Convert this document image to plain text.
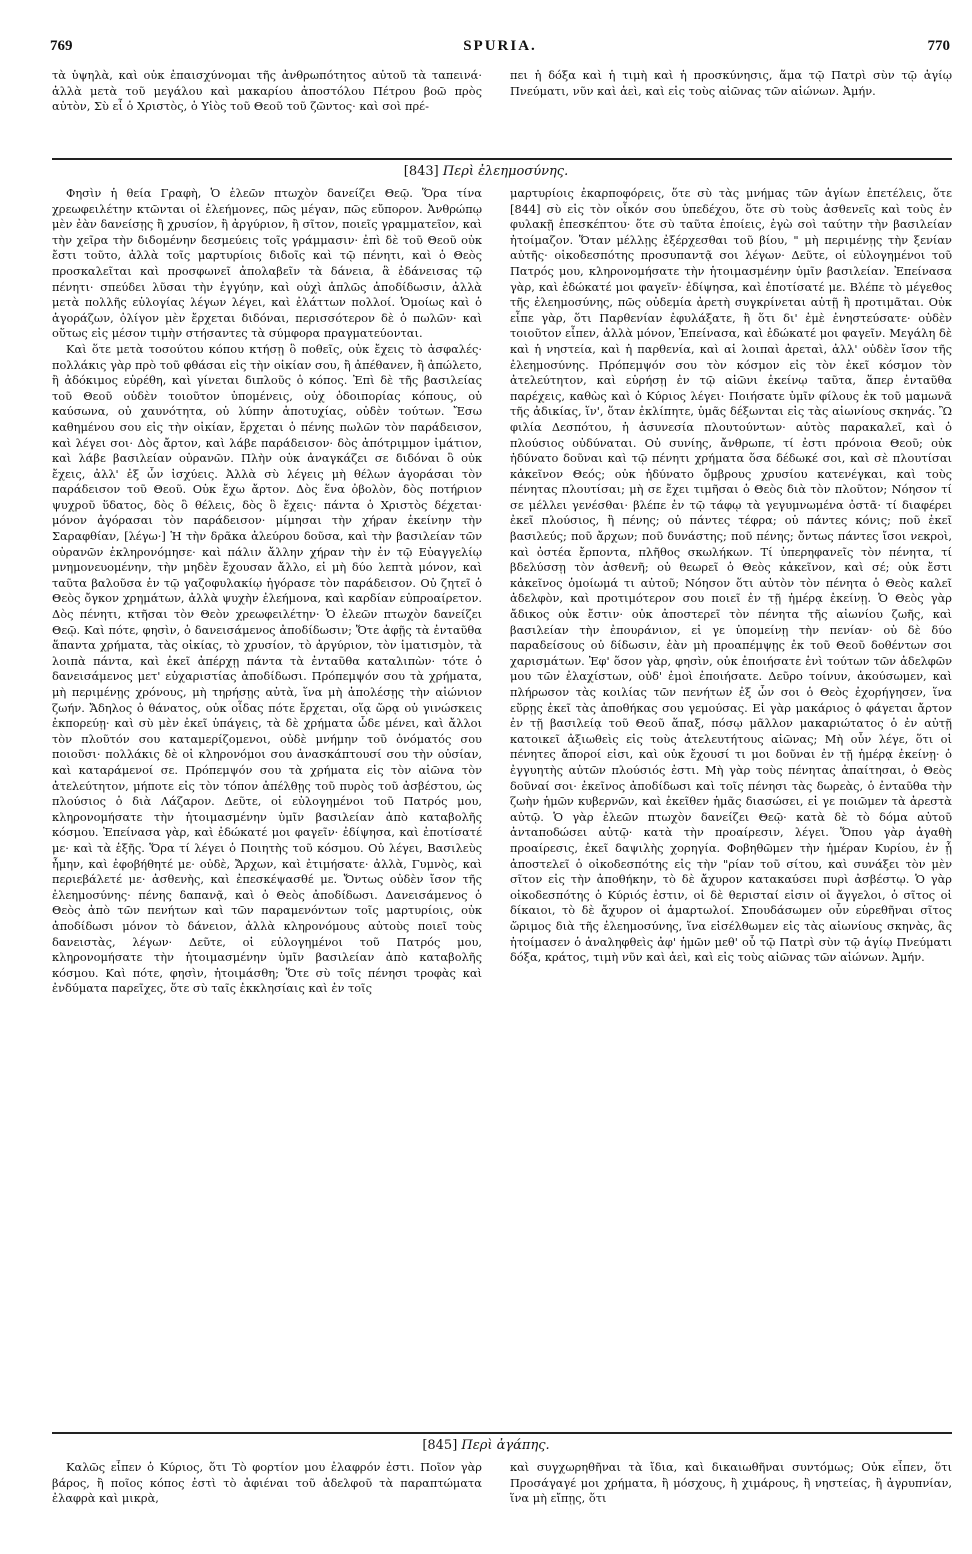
769	SPURIA.	770

τὰ ὑψηλὰ, καὶ οὐκ ἐπαισχύνομαι τῆς ἀνθρωπότητος αὐτοῦ τὰ ταπεινά· ἀλλὰ μετὰ τοῦ μεγάλου καὶ μακαρίου ἀποστόλου Πέτρου βοῶ πρὸς αὐτὸν, Σὺ εἶ ὁ Χριστὸς, ὁ Υἱὸς τοῦ Θεοῦ τοῦ ζῶντος· καὶ σοὶ πρέ-

πει ἡ δόξα καὶ ἡ τιμὴ καὶ ἡ προσκύνησις, ἅμα τῷ Πατρὶ σὺν τῷ ἁγίῳ Πνεύματι, νῦν καὶ ἀεὶ, καὶ εἰς τοὺς αἰῶνας τῶν αἰώνων. Ἀμήν.

[843] Περὶ ἐλεημοσύνης.

Φησὶν ἡ θεία Γραφὴ, Ὁ ἐλεῶν πτωχὸν δανείζει Θεῷ. Ὅρα τίνα χρεωφειλέτην κτῶνται οἱ ἐλεήμονες, πῶς μέγαν, πῶς εὔπορον. Ἀνθρώπῳ μὲν ἐὰν δανείσῃς ἢ χρυσίον, ἢ ἀργύριον, ἢ σῖτον, ποιεῖς γραμματεῖον, καὶ τὴν χεῖρα τὴν διδομένην δεσμεύεις τοῖς γράμμασιν· ἐπὶ δὲ τοῦ Θεοῦ οὐκ ἔστι τοῦτο, ἀλλὰ τοῖς μαρτυρίοις διδοῖς καὶ τῷ πένητι, καὶ ὁ Θεὸς προσκαλεῖται καὶ προσφωνεῖ ἀπολαβεῖν τὰ δάνεια, ἃ ἐδάνεισας τῷ πένητι· σπεύδει λῦσαι τὴν ἐγγύην, καὶ οὐχὶ ἁπλῶς ἀποδίδωσιν, ἀλλὰ μετὰ πολλῆς εὐλογίας λέγων λέγει, καὶ ἐλάττων πολλοί. Ὁμοίως καὶ ὁ ἀγοράζων, ὀλίγον μὲν ἔρχεται διδόναι, περισσότερον δὲ ὁ πωλῶν· καὶ οὕτως εἰς μέσον τιμὴν στήσαντες τὰ σύμφορα πραγματεύονται.

Καὶ ὅτε μετὰ τοσούτου κόπου κτήσῃ ὃ ποθεῖς, οὐκ ἔχεις τὸ ἀσφαλές· πολλάκις γὰρ πρὸ τοῦ φθάσαι εἰς τὴν οἰκίαν σου, ἢ ἀπέθανεν, ἢ ἀπώλετο, ἢ ἀδόκιμος εὑρέθη, καὶ γίνεται διπλοῦς ὁ κόπος. Ἐπὶ δὲ τῆς βασιλείας τοῦ Θεοῦ οὐδὲν τοιοῦτον ὑπομένεις, οὐχ ὁδοιπορίας κόπους, οὐ καύσωνα, οὐ χαυνότητα, οὐ λύπην ἀποτυχίας, οὐδὲν τούτων. Ἔσω καθημένου σου εἰς τὴν οἰκίαν, ἔρχεται ὁ πένης πωλῶν τὸν παράδεισον, καὶ λέγει σοι· Δὸς ἄρτον, καὶ λάβε παράδεισον· δὸς ἀπότριμμον ἱμάτιον, καὶ λάβε βασιλείαν οὐρανῶν. Πλὴν οὐκ ἀναγκάζει σε διδόναι ὃ οὐκ ἔχεις, ἀλλ' ἐξ ὧν ἰσχύεις. Ἀλλὰ σὺ λέγεις μὴ θέλων ἀγοράσαι τὸν παράδεισον τοῦ Θεοῦ. Οὐκ ἔχω ἄρτον. Δὸς ἕνα ὀβολὸν, δὸς ποτήριον ψυχροῦ ὕδατος, δὸς ὃ θέλεις, δὸς ὃ ἔχεις· πάντα ὁ Χριστὸς δέχεται· μόνον ἀγόρασαι τὸν παράδεισον· μίμησαι τὴν χήραν ἐκείνην τὴν Σαραφθίαν, [λέγω·] Ἡ τὴν δρᾶκα ἀλεύρου δοῦσα, καὶ τὴν βασιλείαν τῶν οὐρανῶν ἐκληρονόμησε· καὶ πάλιν ἄλλην χήραν τὴν ἐν τῷ Εὐαγγελίῳ μνημονευομένην, τὴν μηδὲν ἔχουσαν ἄλλο, εἰ μὴ δύο λεπτὰ μόνον, καὶ ταῦτα βαλοῦσα ἐν τῷ γαζοφυλακίῳ ἠγόρασε τὸν παράδεισον. Οὐ ζητεῖ ὁ Θεὸς ὄγκον χρημάτων, ἀλλὰ ψυχὴν ἐλεήμονα, καὶ καρδίαν εὐπροαίρετον. Δὸς πένητι, κτῆσαι τὸν Θεὸν χρεωφειλέτην· Ὁ ἐλεῶν πτωχὸν δανείζει Θεῷ. Καὶ πότε, φησὶν, ὁ δανεισάμενος ἀποδίδωσιν; Ὅτε ἀφῇς τὰ ἐνταῦθα ἅπαντα χρήματα, τὰς οἰκίας, τὸ χρυσίον, τὸ ἀργύριον, τὸν ἱματισμὸν, τὰ λοιπὰ πάντα, καὶ ἐκεῖ ἀπέρχῃ πάντα τὰ ἐνταῦθα καταλιπὼν· τότε ὁ δανεισάμενος μετ' εὐχαριστίας ἀποδίδωσι. Πρόπεμψόν σου τὰ χρήματα, μὴ περιμένῃς χρόνους, μὴ τηρήσῃς αὐτὰ, ἵνα μὴ ἀπολέσῃς τὴν αἰώνιον ζωήν. Ἄδηλος ὁ θάνατος, οὐκ οἶδας πότε ἔρχεται, οἵᾳ ὥρᾳ οὐ γινώσκεις ἐκπορεύῃ· καὶ σὺ μὲν ἐκεῖ ὑπάγεις, τὰ δὲ χρήματα ὧδε μένει, καὶ ἄλλοι τὸν πλοῦτόν σου καταμερίζομενοι, οὐδὲ μνήμην τοῦ ὀνόματός σου ποιοῦσι· πολλάκις δὲ οἱ κληρονόμοι σου ἀνασκάπτουσί σου τὴν οὐσίαν, καὶ καταράμενοί σε. Πρόπεμψόν σου τὰ χρήματα εἰς τὸν αἰῶνα τὸν ἀτελεύτητον, μήποτε εἰς τὸν τόπον ἀπέλθῃς τοῦ πυρὸς τοῦ ἀσβέστου, ὡς πλούσιος ὁ διὰ Λάζαρον. Δεῦτε, οἱ εὐλογημένοι τοῦ Πατρός μου, κληρονομήσατε τὴν ἡτοιμασμένην ὑμῖν βασιλείαν ἀπὸ καταβολῆς κόσμου. Ἐπείνασα γὰρ, καὶ ἐδώκατέ μοι φαγεῖν· ἐδίψησα, καὶ ἐποτίσατέ με· καὶ τὰ ἑξῆς. Ὅρα τί λέγει ὁ Ποιητὴς τοῦ κόσμου. Οὐ λέγει, Βασιλεὺς ἦμην, καὶ ἐφοβήθητέ με· οὐδὲ, Ἄρχων, καὶ ἐτιμήσατε· ἀλλὰ, Γυμνὸς, καὶ περιεβάλετέ με· ἀσθενὴς, καὶ ἐπεσκέψασθέ με. Ὄντως οὐδὲν ἴσον τῆς ἐλεημοσύνης· πένης δαπανᾷ, καὶ ὁ Θεὸς ἀποδίδωσι. Δανεισάμενος ὁ Θεὸς ἀπὸ τῶν πενήτων καὶ τῶν παραμενόντων τοῖς μαρτυρίοις, οὐκ ἀποδίδωσι μόνον τὸ δάνειον, ἀλλὰ κληρονόμους αὐτοὺς ποιεῖ τοὺς δανειστὰς, λέγων· Δεῦτε, οἱ εὐλογημένοι τοῦ Πατρός μου, κληρονομήσατε τὴν ἡτοιμασμένην ὑμῖν βασιλείαν ἀπὸ καταβολῆς κόσμου. Καὶ πότε, φησὶν, ἡτοιμάσθη; Ὅτε σὺ τοῖς πένησι τροφὰς καὶ ἐνδύματα παρεῖχες, ὅτε σὺ ταῖς ἐκκλησίαις καὶ ἐν τοῖς

μαρτυρίοις ἐκαρποφόρεις, ὅτε σὺ τὰς μνήμας τῶν ἁγίων ἐπετέλεις, ὅτε [844] σὺ εἰς τὸν οἶκόν σου ὑπεδέχου, ὅτε σὺ τοὺς ἀσθενεῖς καὶ τοὺς ἐν φυλακῇ ἐπεσκέπτου· ὅτε σὺ ταῦτα ἐποίεις, ἐγὼ σοὶ ταύτην τὴν βασιλείαν ἡτοίμαζον. Ὅταν μέλλῃς ἐξέρχεσθαι τοῦ βίου, " μὴ περιμένῃς τὴν ξενίαν αὐτῆς· οἰκοδεσπότης προσυπαντᾷ σοι λέγων· Δεῦτε, οἱ εὐλογημένοι τοῦ Πατρός μου, κληρονομήσατε τὴν ἡτοιμασμένην ὑμῖν βασιλείαν. Ἐπείνασα γὰρ, καὶ ἐδώκατέ μοι φαγεῖν· ἐδίψησα, καὶ ἐποτίσατέ με. Βλέπε τὸ μέγεθος τῆς ἐλεημοσύνης, πῶς οὐδεμία ἀρετὴ συγκρίνεται αὐτῇ ἢ προτιμᾶται. Οὐκ εἶπε γὰρ, ὅτι Παρθενίαν ἐφυλάξατε, ἢ ὅτι δι' ἐμὲ ἐνηστεύσατε· οὐδὲν τοιοῦτον εἶπεν, ἀλλὰ μόνον, Ἐπείνασα, καὶ ἐδώκατέ μοι φαγεῖν. Μεγάλη δὲ καὶ ἡ νηστεία, καὶ ἡ παρθενία, καὶ αἱ λοιπαὶ ἀρεταὶ, ἀλλ' οὐδὲν ἴσον τῆς ἐλεημοσύνης. Πρόπεμψόν σου τὸν κόσμον εἰς τὸν ἐκεῖ κόσμον τὸν ἀτελεύτητον, καὶ εὑρήσῃ ἐν τῷ αἰῶνι ἐκείνῳ ταῦτα, ἅπερ ἐνταῦθα παρέχεις, καθὼς καὶ ὁ Κύριος λέγει· Ποιήσατε ὑμῖν φίλους ἐκ τοῦ μαμωνᾶ τῆς ἀδικίας, ἵν', ὅταν ἐκλίπητε, ὑμᾶς δέξωνται εἰς τὰς αἰωνίους σκηνάς. Ὢ φιλία Δεσπότου, ἡ ἀσυνεσία πλουτούντων· αὐτὸς παρακαλεῖ, καὶ ὁ πλούσιος οὐδύναται. Οὐ συνίης, ἄνθρωπε, τί ἐστι πρόνοια Θεοῦ; οὐκ ἠδύνατο δοῦναι καὶ τῷ πένητι χρήματα ὅσα δέδωκέ σοι, καὶ σὲ πλουτίσαι κἀκεῖνον Θεός; οὐκ ἠδύνατο ὄμβρους χρυσίου κατενέγκαι, καὶ τοὺς πένητας πλουτίσαι; μὴ σε ἔχει τιμῆσαι ὁ Θεὸς διὰ τὸν πλοῦτον; Νόησον τί σε μέλλει γενέσθαι· βλέπε ἐν τῷ τάφῳ τὰ γεγυμνωμένα ὀστᾶ· τί διαφέρει ἐκεῖ πλούσιος, ἢ πένης; οὐ πάντες τέφρα; οὐ πάντες κόνις; ποῦ ἐκεῖ βασιλεύς; ποῦ ἄρχων; ποῦ δυνάστης; ποῦ πένης; ὄντως πάντες ἴσοι νεκροὶ, καὶ ὀστέα ἔρποντα, πλῆθος σκωλήκων. Τί ὑπερηφανεῖς τὸν πένητα, τί βδελύσσῃ τὸν ἀσθενῆ; οὐ θεωρεῖ ὁ Θεὸς κἀκεῖνον, καὶ σέ; οὐκ ἔστι κἀκεῖνος ὁμοίωμά τι αὐτοῦ; Νόησον ὅτι αὐτὸν τὸν πένητα ὁ Θεὸς καλεῖ ἀδελφὸν, καὶ προτιμότερον σου ποιεῖ ἐν τῇ ἡμέρᾳ ἐκείνῃ. Ὁ Θεὸς γὰρ ἄδικος οὐκ ἔστιν· οὐκ ἀποστερεῖ τὸν πένητα τῆς αἰωνίου ζωῆς, καὶ βασιλείαν τὴν ἐπουράνιον, εἰ γε ὑπομείνῃ τὴν πενίαν· οὐ δὲ δύο παραδείσους οὐ δίδωσιν, ἐὰν μὴ προαπέμψῃς ἐκ τοῦ Θεοῦ δοθέντων σοι χαρισμάτων. Ἐφ' ὅσον γὰρ, φησὶν, οὐκ ἐποιήσατε ἑνὶ τούτων τῶν ἀδελφῶν μου τῶν ἐλαχίστων, οὐδ' ἐμοὶ ἐποιήσατε. Δεῦρο τοίνυν, ἀκούσωμεν, καὶ πλήρωσον τὰς κοιλίας τῶν πενήτων ἐξ ὧν σοι ὁ Θεὸς ἐχορήγησεν, ἵνα εὕρῃς ἐκεῖ τὰς ἀποθήκας σου γεμούσας. Εἰ γὰρ μακάριος ὁ φάγεται ἄρτον ἐν τῇ βασιλείᾳ τοῦ Θεοῦ ἅπαξ, πόσῳ μᾶλλον μακαριώτατος ὁ ἐν αὐτῇ κατοικεῖ ἀξιωθεὶς εἰς τοὺς ἀτελευτήτους αἰῶνας; Μὴ οὖν λέγε, ὅτι οἱ πένητες ἄποροί εἰσι, καὶ οὐκ ἔχουσί τι μοι δοῦναι ἐν τῇ ἡμέρᾳ ἐκείνῃ· ὁ ἐγγυητὴς αὐτῶν πλούσιός ἐστι. Μὴ γὰρ τοὺς πένητας ἀπαίτησαι, ὁ Θεὸς δοῦναί σοι· ἐκεῖνος ἀποδίδωσι καὶ τοῖς πένησι τὰς δωρεὰς, ὁ ἐνταῦθα τὴν ζωὴν ἡμῶν κυβερνῶν, καὶ ἐκεῖθεν ἡμᾶς διασώσει, εἰ γε ποιῶμεν τὰ ἀρεστὰ αὐτῷ. Ὁ γὰρ ἐλεῶν πτωχὸν δανείζει Θεῷ· κατὰ δὲ τὸ δόμα αὐτοῦ ἀνταποδώσει αὐτῷ· κατὰ τὴν προαίρεσιν, λέγει. Ὅπου γὰρ ἀγαθὴ προαίρεσις, ἐκεῖ δαψιλὴς χορηγία. Φοβηθῶμεν τὴν ἡμέραν Κυρίου, ἐν ᾗ ἀποστελεῖ ὁ οἰκοδεσπότης εἰς τὴν "ρίαν τοῦ σίτου, καὶ συνάξει τὸν μὲν σῖτον εἰς τὴν ἀποθήκην, τὸ δὲ ἄχυρον κατακαύσει πυρὶ ἀσβέστῳ. Ὁ γὰρ οἰκοδεσπότης ὁ Κύριός ἐστιν, οἱ δὲ θερισταί εἰσιν οἱ ἄγγελοι, ὁ σῖτος οἱ δίκαιοι, τὸ δὲ ἄχυρον οἱ ἁμαρτωλοί. Σπουδάσωμεν οὖν εὑρεθῆναι σῖτος ὥριμος διὰ τῆς ἐλεημοσύνης, ἵνα εἰσέλθωμεν εἰς τὰς αἰωνίους σκηνὰς, ἃς ἡτοίμασεν ὁ ἀναληφθεὶς ἀφ' ἡμῶν μεθ' οὗ τῷ Πατρὶ σὺν τῷ ἁγίῳ Πνεύματι δόξα, κράτος, τιμὴ νῦν καὶ ἀεὶ, καὶ εἰς τοὺς αἰῶνας τῶν αἰώνων. Ἀμήν.

[845] Περὶ ἀγάπης.

Καλῶς εἶπεν ὁ Κύριος, ὅτι Τὸ φορτίον μου ἐλαφρόν ἐστι. Ποῖον γὰρ βάρος, ἢ ποῖος κόπος ἐστὶ τὸ ἀφιέναι τοῦ ἀδελφοῦ τὰ παραπτώματα ἐλαφρὰ καὶ μικρὰ,

καὶ συγχωρηθῆναι τὰ ἴδια, καὶ δικαιωθῆναι συντόμως; Οὐκ εἶπεν, ὅτι Προσάγαγέ μοι χρήματα, ἢ μόσχους, ἢ χιμάρους, ἢ νηστείας, ἢ ἀγρυπνίαν, ἵνα μὴ εἴπῃς, ὅτι
